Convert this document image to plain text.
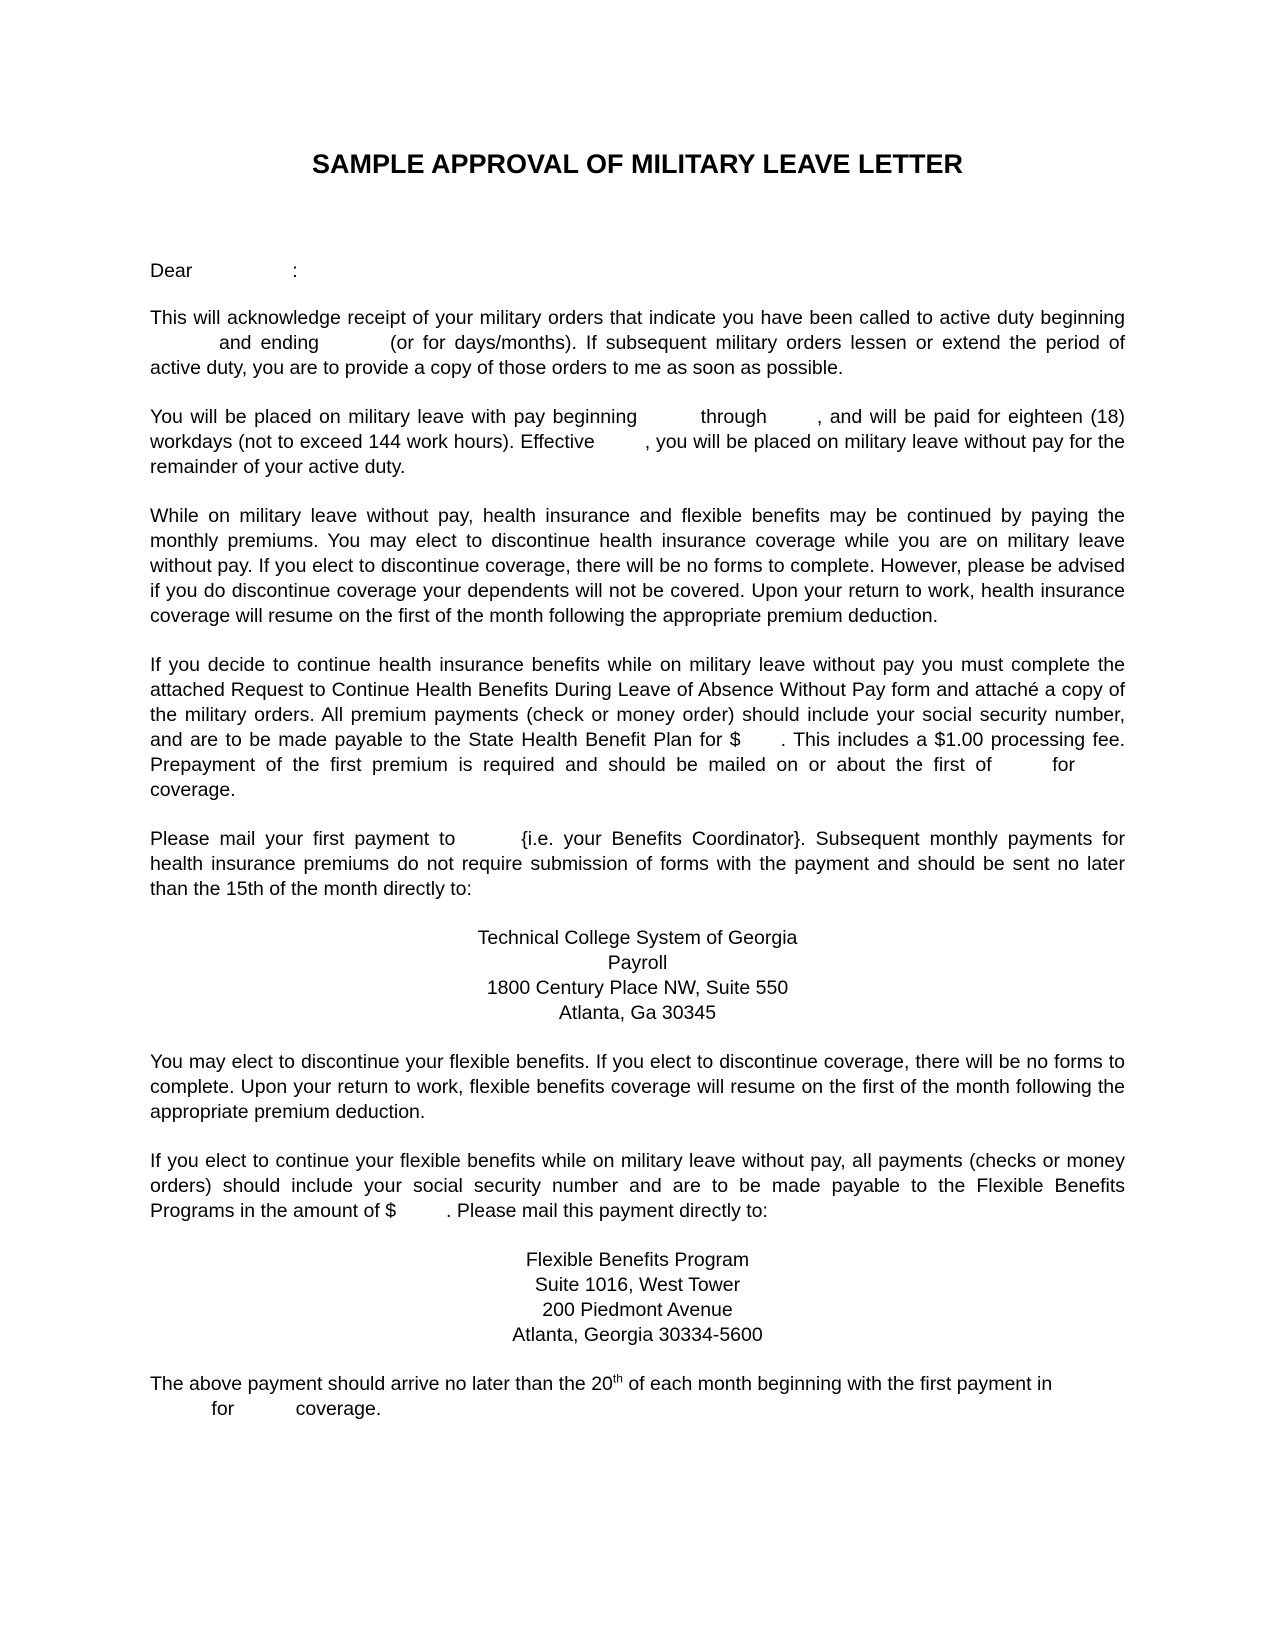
SAMPLE APPROVAL OF MILITARY LEAVE LETTER
Dear	:

This will acknowledge receipt of your military orders that indicate you have been called to active duty beginning and ending	(or for days/months). If subsequent military orders lessen or extend the period of active duty, you are to provide a copy of those orders to me as soon as possible.

You will be placed on military leave with pay beginning	through	, and will be paid for eighteen (18) workdays (not to exceed 144 work hours). Effective	, you will be placed on military leave without pay for the remainder of your active duty.

While on military leave without pay, health insurance and flexible benefits may be continued by paying the monthly premiums. You may elect to discontinue health insurance coverage while you are on military leave without pay. If you elect to discontinue coverage, there will be no forms to complete. However, please be advised if you do discontinue coverage your dependents will not be covered. Upon your return to work, health insurance coverage will resume on the first of the month following the appropriate premium deduction.

If you decide to continue health insurance benefits while on military leave without pay you must complete the attached Request to Continue Health Benefits During Leave of Absence Without Pay form and attaché a copy of the military orders. All premium payments (check or money order) should include your social security number, and are to be made payable to the State Health Benefit Plan for $ . This includes a $1.00 processing fee. Prepayment of the first premium is required and should be mailed on or about the first of	for coverage.

Please mail your first payment to	{i.e. your Benefits Coordinator}. Subsequent monthly payments for health insurance premiums do not require submission of forms with the payment and should be sent no later than the 15th of the month directly to:

Technical College System of Georgia
Payroll
1800 Century Place NW, Suite 550
Atlanta, Ga 30345

You may elect to discontinue your flexible benefits. If you elect to discontinue coverage, there will be no forms to complete. Upon your return to work, flexible benefits coverage will resume on the first of the month following the appropriate premium deduction.

If you elect to continue your flexible benefits while on military leave without pay, all payments (checks or money orders) should include your social security number and are to be made payable to the Flexible Benefits Programs in the amount of $	. Please mail this payment directly to:

Flexible Benefits Program
Suite 1016, West Tower
200 Piedmont Avenue
Atlanta, Georgia 30334-5600

The above payment should arrive no later than the 20th of each month beginning with the first payment in
for	coverage.
